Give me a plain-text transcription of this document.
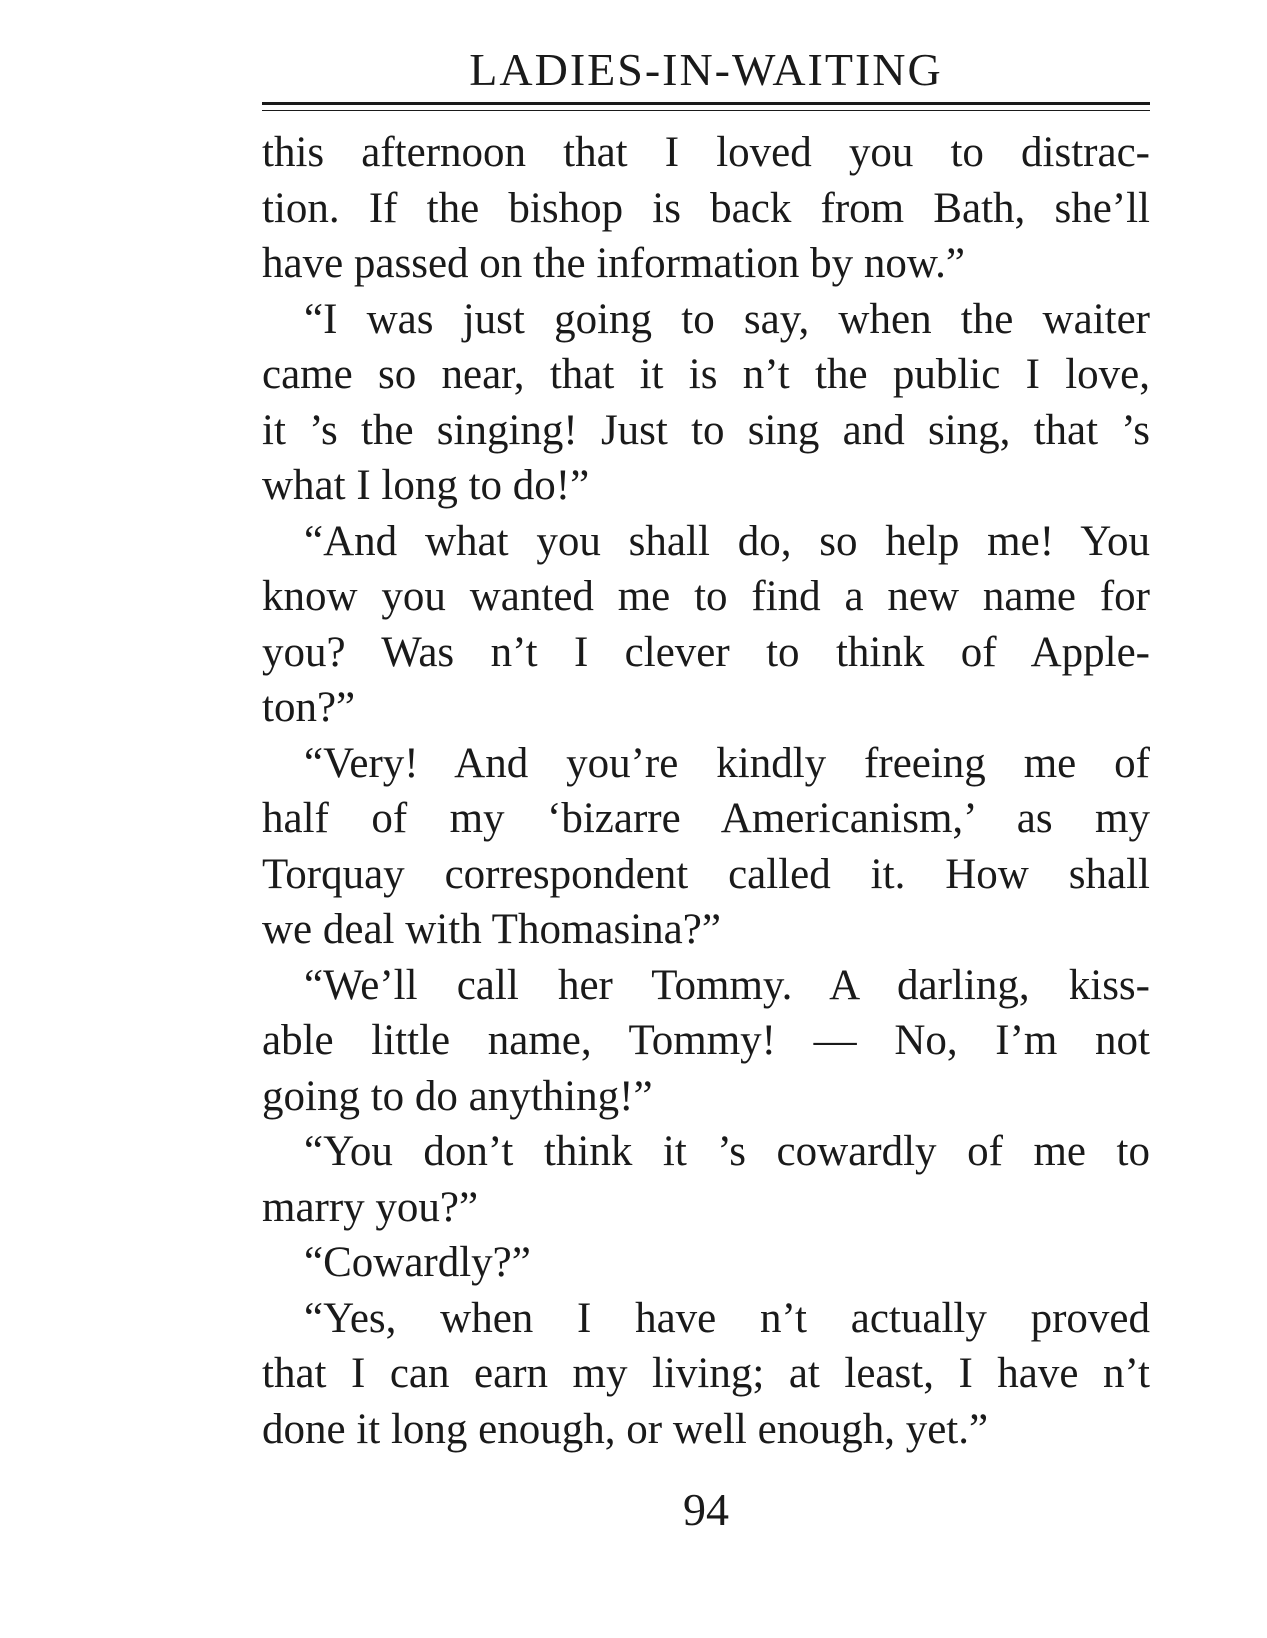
LADIES-IN-WAITING
this afternoon that I loved you to distrac-
tion. If the bishop is back from Bath, she’ll
have passed on the information by now.”
“I was just going to say, when the waiter
came so near, that it is n’t the public I love,
it ’s the singing! Just to sing and sing, that ’s
what I long to do!”
“And what you shall do, so help me! You
know you wanted me to find a new name for
you? Was n’t I clever to think of Apple-
ton?”
“Very! And you’re kindly freeing me of
half of my ‘bizarre Americanism,’ as my
Torquay correspondent called it. How shall
we deal with Thomasina?”
“We’ll call her Tommy. A darling, kiss-
able little name, Tommy! — No, I’m not
going to do anything!”
“You don’t think it ’s cowardly of me to
marry you?”
“Cowardly?”
“Yes, when I have n’t actually proved
that I can earn my living; at least, I have n’t
done it long enough, or well enough, yet.”
94
